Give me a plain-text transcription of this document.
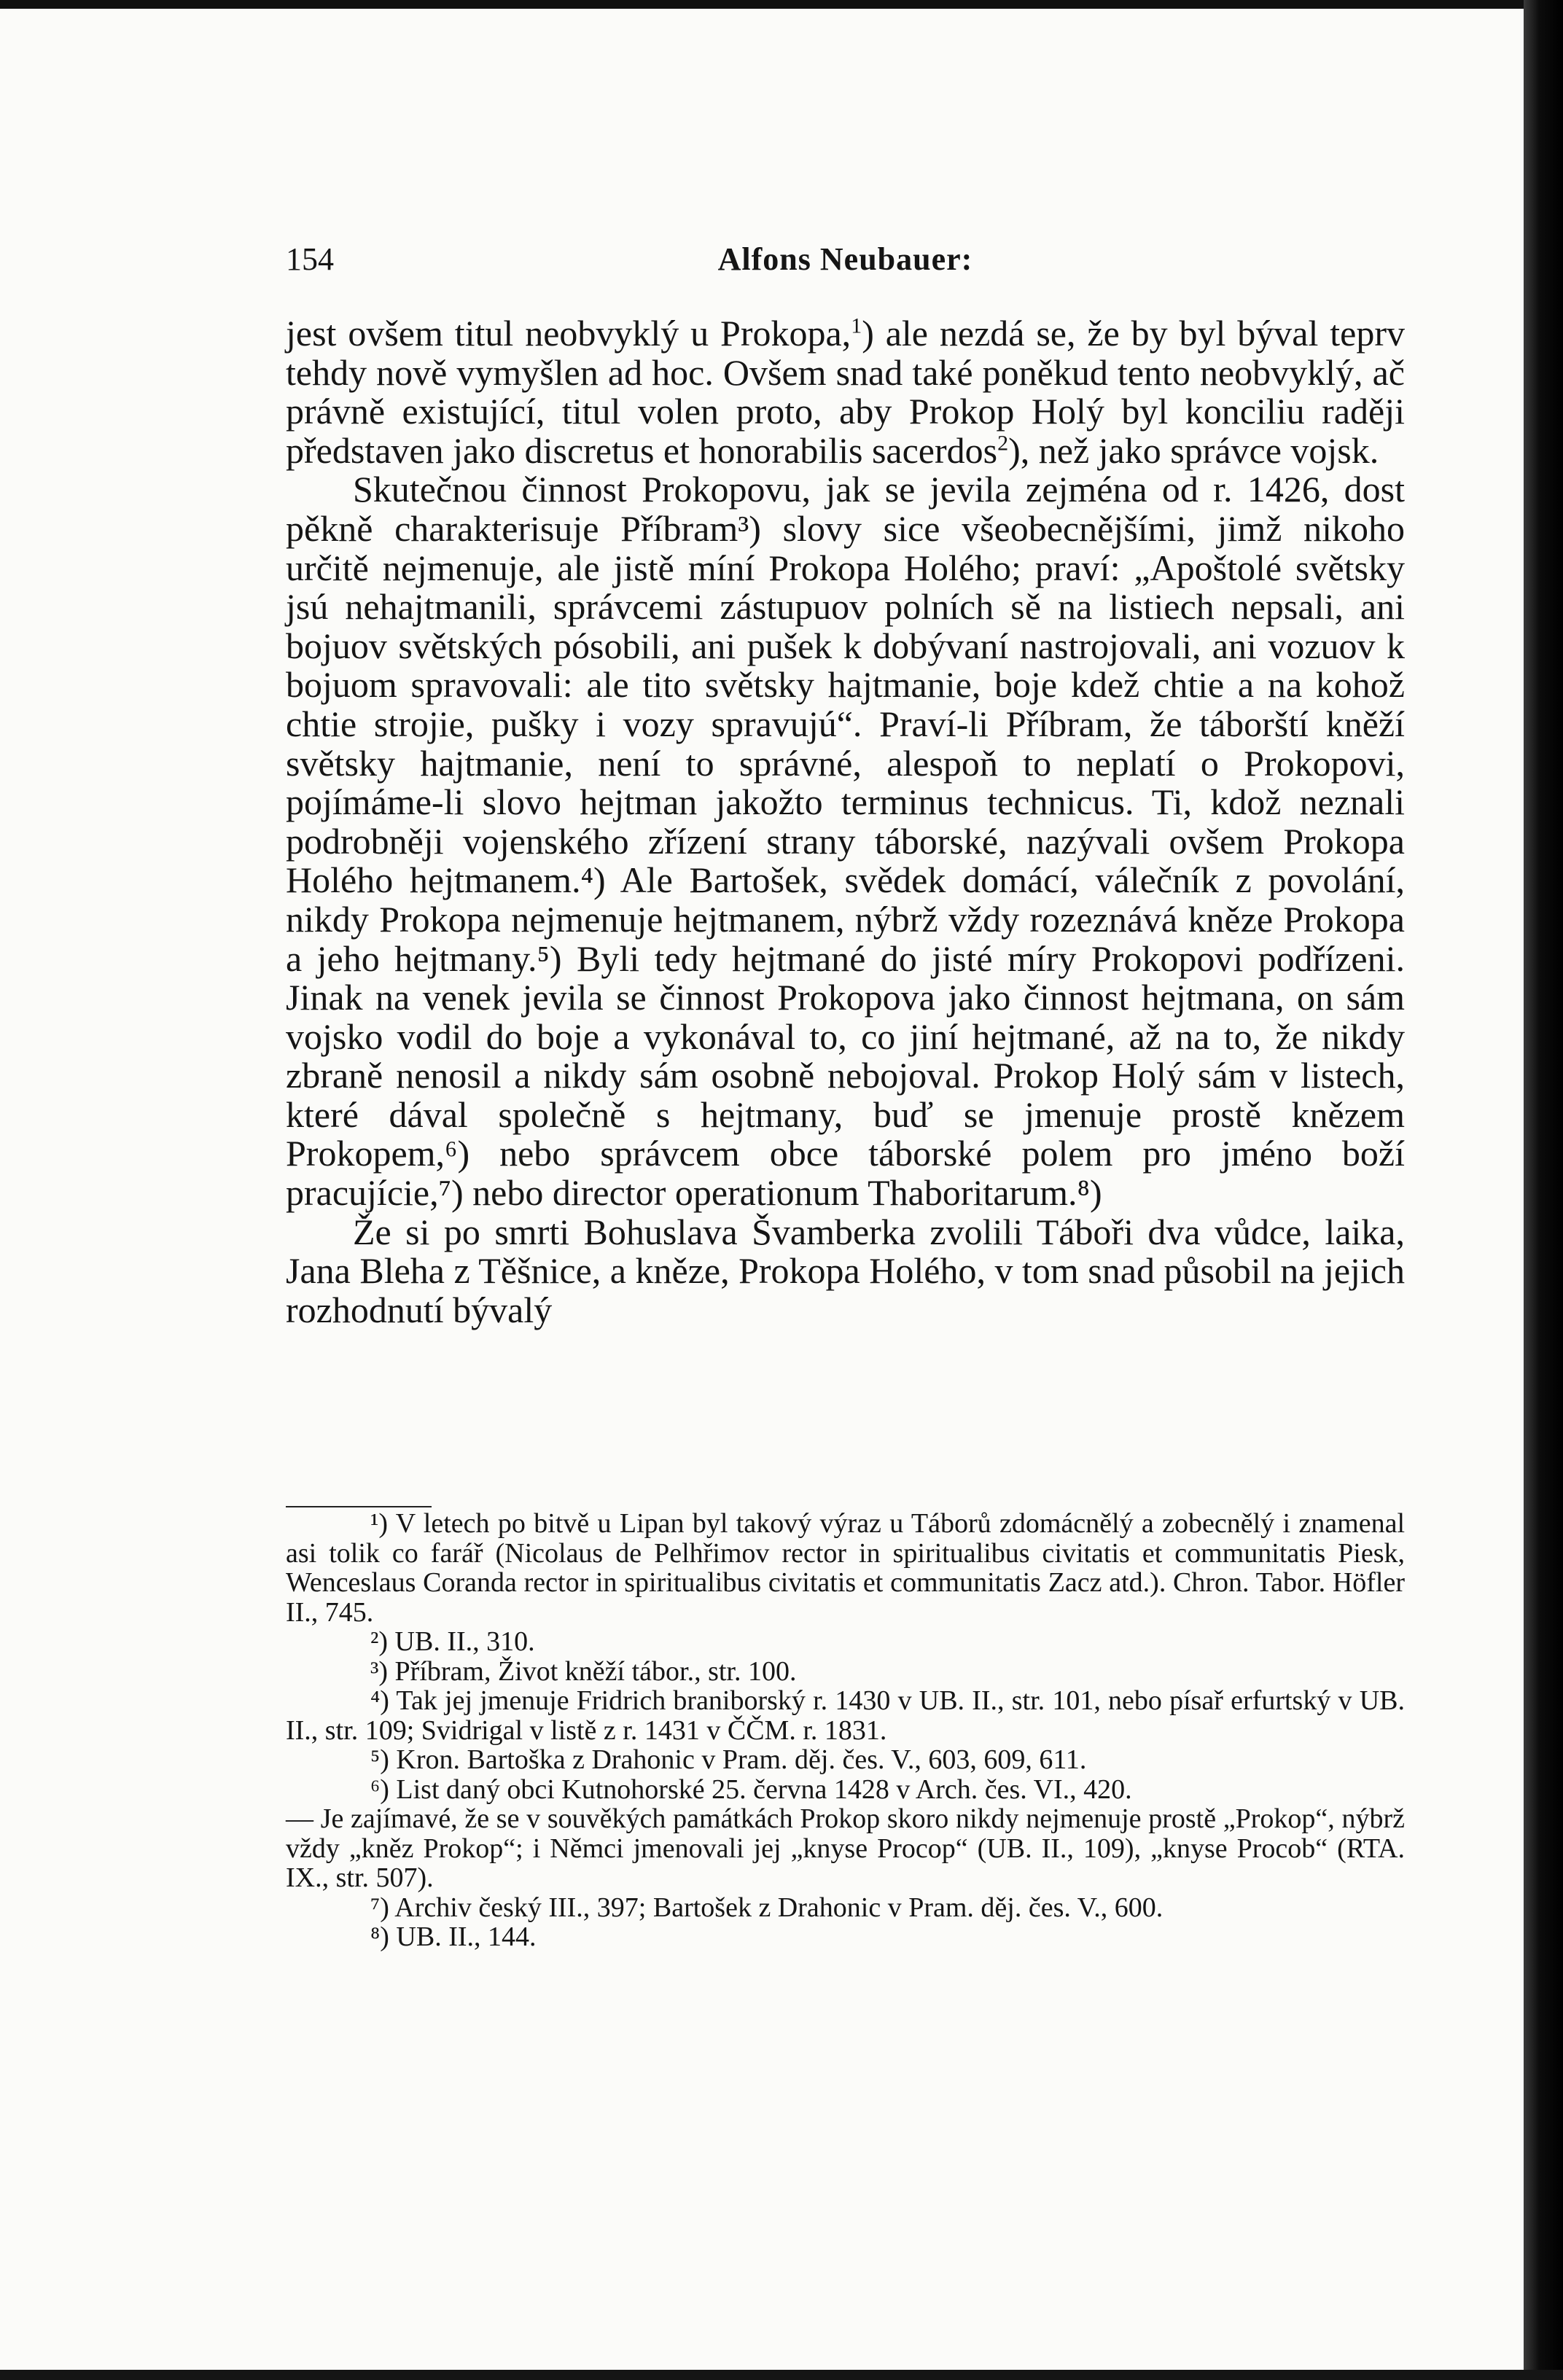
154	Alfons Neubauer:

jest ovšem titul neobvyklý u Prokopa,$^1$) ale nezdá se, že by byl býval teprv tehdy nově vymyšlen ad hoc. Ovšem snad také poněkud tento neobvyklý, ač právně existující, titul volen proto, aby Prokop Holý byl konciliu raději představen jako discretus et honorabilis sacerdos$^2$), než jako správce vojsk.

Skutečnou činnost Prokopovu, jak se jevila zejména od r. 1426, dost pěkně charakterisuje Příbram³) slovy sice všeobecnějšími, jimž nikoho určitě nejmenuje, ale jistě míní Prokopa Holého; praví: „Apoštolé světsky jsú nehajtmanili, správcemi zástupuov polních sě na listiech nepsali, ani bojuov světských pósobili, ani pušek k dobývaní nastrojovali, ani vozuov k bojuom spravovali: ale tito světsky hajtmanie, boje kdež chtie a na kohož chtie strojie, pušky i vozy spravujú“. Praví-li Příbram, že táborští kněží světsky hajtmanie, není to správné, alespoň to neplatí o Prokopovi, pojímáme-li slovo hejtman jakožto terminus technicus. Ti, kdož neznali podrobněji vojenského zřízení strany táborské, nazývali ovšem Prokopa Holého hejtmanem.⁴) Ale Bartošek, svědek domácí, válečník z povolání, nikdy Prokopa nejmenuje hejtmanem, nýbrž vždy rozeznává kněze Prokopa a jeho hejtmany.⁵) Byli tedy hejtmané do jisté míry Prokopovi podřízeni. Jinak na venek jevila se činnost Prokopova jako činnost hejtmana, on sám vojsko vodil do boje a vykonával to, co jiní hejtmané, až na to, že nikdy zbraně nenosil a nikdy sám osobně nebojoval. Prokop Holý sám v listech, které dával společně s hejtmany, buď se jmenuje prostě knězem Prokopem,⁶) nebo správcem obce táborské polem pro jméno boží pracujície,⁷) nebo director operationum Thaboritarum.⁸)

Že si po smrti Bohuslava Švamberka zvolili Táboři dva vůdce, laika, Jana Bleha z Těšnice, a kněze, Prokopa Holého, v tom snad působil na jejich rozhodnutí bývalý

¹) V letech po bitvě u Lipan byl takový výraz u Táborů zdomácnělý a zobecnělý i znamenal asi tolik co farář (Nicolaus de Pelhřimov rector in spiritualibus civitatis et communitatis Piesk, Wenceslaus Coranda rector in spiritualibus civitatis et communitatis Zacz atd.). Chron. Tabor. Höfler II., 745.

²) UB. II., 310.

³) Příbram, Život kněží tábor., str. 100.

⁴) Tak jej jmenuje Fridrich braniborský r. 1430 v UB. II., str. 101, nebo písař erfurtský v UB. II., str. 109; Svidrigal v listě z r. 1431 v ČČM. r. 1831.

⁵) Kron. Bartoška z Drahonic v Pram. děj. čes. V., 603, 609, 611.

⁶) List daný obci Kutnohorské 25. června 1428 v Arch. čes. VI., 420.

— Je zajímavé, že se v souvěkých památkách Prokop skoro nikdy nejmenuje prostě „Prokop“, nýbrž vždy „kněz Prokop“; i Němci jmenovali jej „knyse Procop“ (UB. II., 109), „knyse Procob“ (RTA. IX., str. 507).

⁷) Archiv český III., 397; Bartošek z Drahonic v Pram. děj. čes. V., 600.

⁸) UB. II., 144.
